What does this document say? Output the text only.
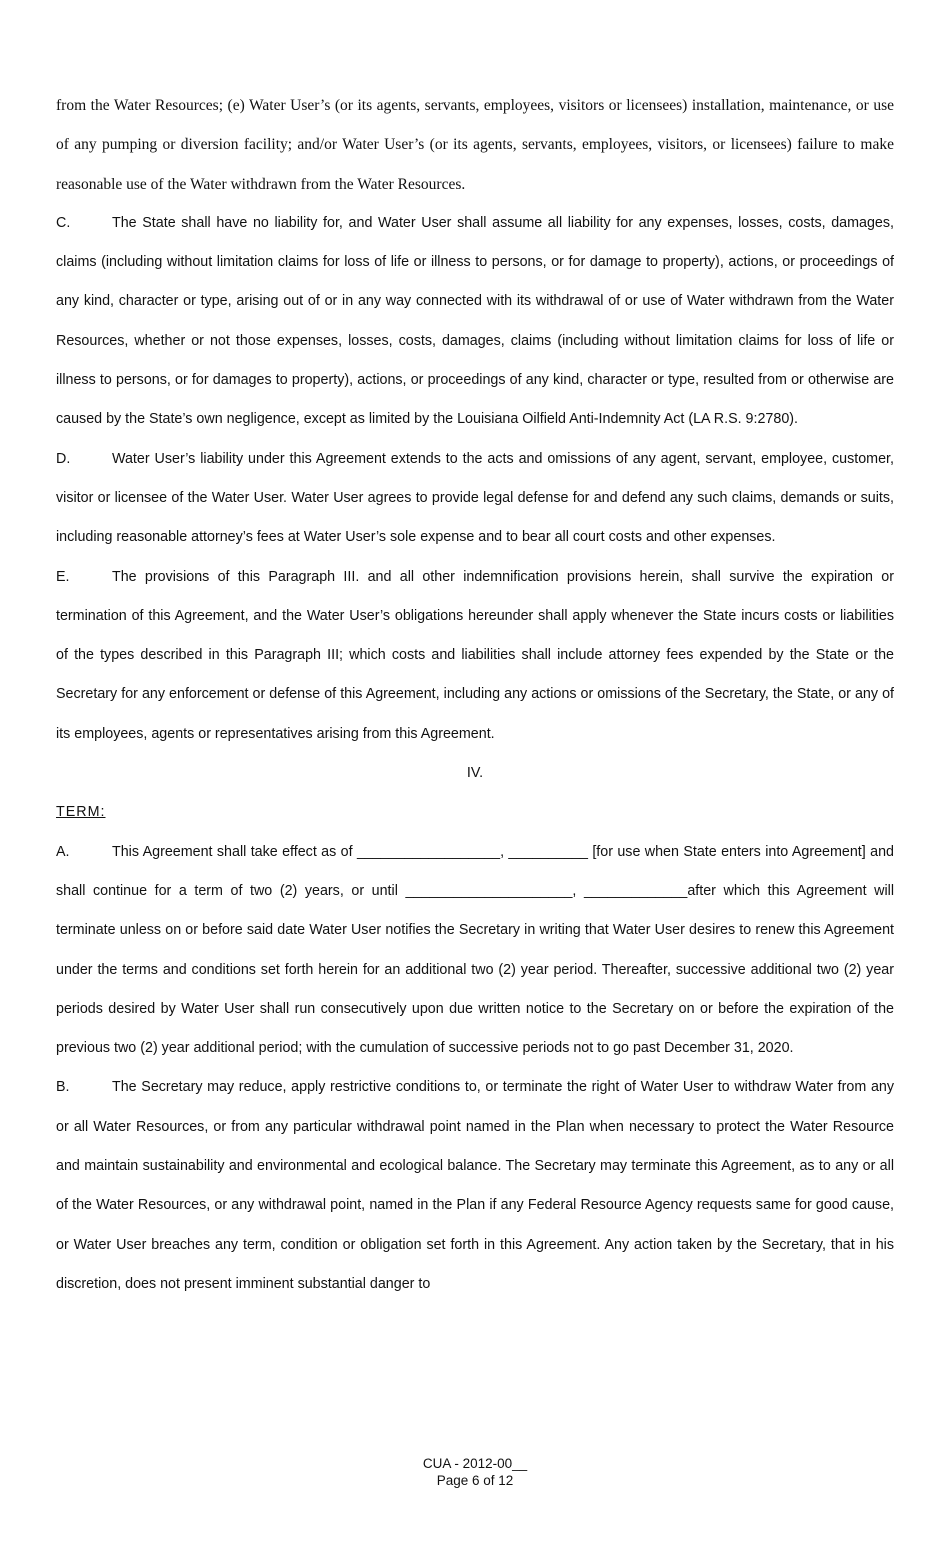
from the Water Resources; (e) Water User’s (or its agents, servants, employees, visitors or licensees) installation, maintenance, or use of any pumping or diversion facility; and/or Water User’s (or its agents, servants, employees, visitors, or licensees) failure to make reasonable use of the Water withdrawn from the Water Resources.

C.	The State shall have no liability for, and Water User shall assume all liability for any expenses, losses, costs, damages, claims (including without limitation claims for loss of life or illness to persons, or for damage to property), actions, or proceedings of any kind, character or type, arising out of or in any way connected with its withdrawal of or use of Water withdrawn from the Water Resources, whether or not those expenses, losses, costs, damages, claims (including without limitation claims for loss of life or illness to persons, or for damages to property), actions, or proceedings of any kind, character or type, resulted from or otherwise are caused by the State’s own negligence, except as limited by the Louisiana Oilfield Anti-Indemnity Act (LA R.S. 9:2780).

D.	Water User’s liability under this Agreement extends to the acts and omissions of any agent, servant, employee, customer, visitor or licensee of the Water User. Water User agrees to provide legal defense for and defend any such claims, demands or suits, including reasonable attorney’s fees at Water User’s sole expense and to bear all court costs and other expenses.

E.	The provisions of this Paragraph III. and all other indemnification provisions herein, shall survive the expiration or termination of this Agreement, and the Water User’s obligations hereunder shall apply whenever the State incurs costs or liabilities of the types described in this Paragraph III; which costs and liabilities shall include attorney fees expended by the State or the Secretary for any enforcement or defense of this Agreement, including any actions or omissions of the Secretary, the State, or any of its employees, agents or representatives arising from this Agreement.

IV.

TERM:

A.	This Agreement shall take effect as of __________________, __________ [for use when State enters into Agreement] and shall continue for a term of two (2) years, or until _____________________, _____________after which this Agreement will terminate unless on or before said date Water User notifies the Secretary in writing that Water User desires to renew this Agreement under the terms and conditions set forth herein for an additional two (2) year period. Thereafter, successive additional two (2) year periods desired by Water User shall run consecutively upon due written notice to the Secretary on or before the expiration of the previous two (2) year additional period; with the cumulation of successive periods not to go past December 31, 2020.

B.	The Secretary may reduce, apply restrictive conditions to, or terminate the right of Water User to withdraw Water from any or all Water Resources, or from any particular withdrawal point named in the Plan when necessary to protect the Water Resource and maintain sustainability and environmental and ecological balance. The Secretary may terminate this Agreement, as to any or all of the Water Resources, or any withdrawal point, named in the Plan if any Federal Resource Agency requests same for good cause, or Water User breaches any term, condition or obligation set forth in this Agreement. Any action taken by the Secretary, that in his discretion, does not present imminent substantial danger to

CUA - 2012-00__
Page 6 of 12
